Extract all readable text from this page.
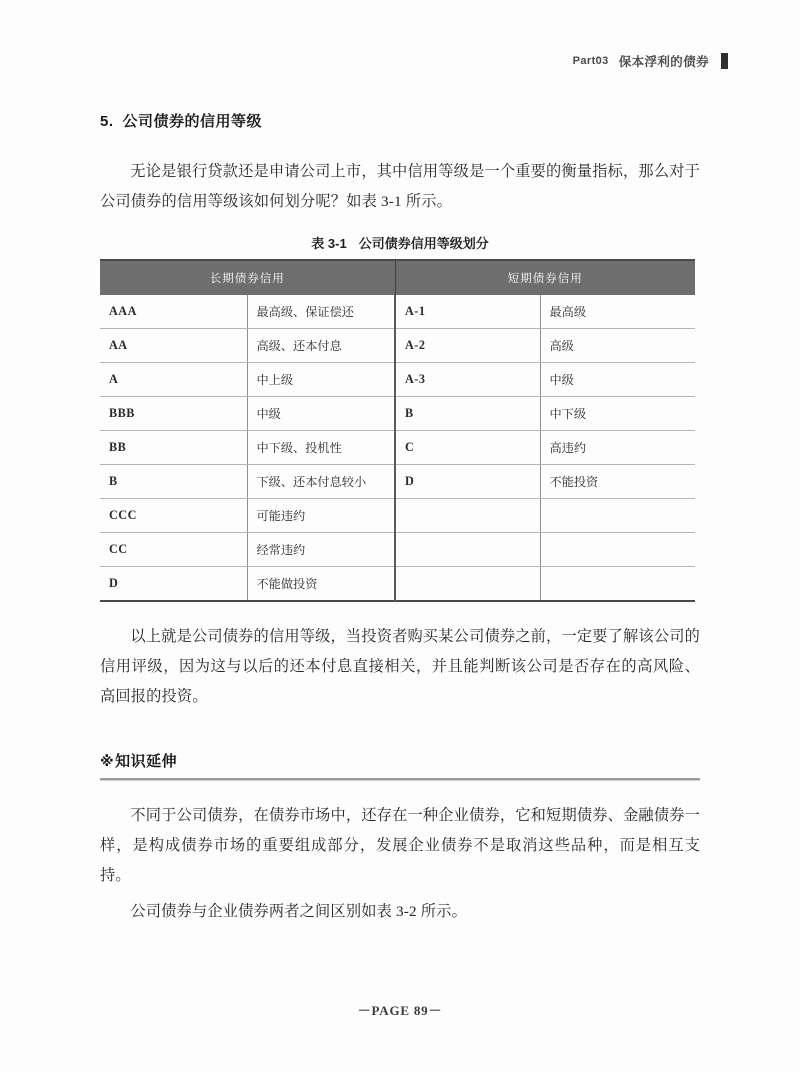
Part03 保本浮利的债券
5. 公司债券的信用等级

无论是银行贷款还是申请公司上市，其中信用等级是一个重要的衡量指标，那么对于公司债券的信用等级该如何划分呢？如表 3-1 所示。

表 3-1 公司债券信用等级划分
长期债券信用		短期债券信用	
AAA	最高级、保证偿还	A-1	最高级
AA	高级、还本付息	A-2	高级
A	中上级	A-3	中级
BBB	中级	B	中下级
BB	中下级、投机性	C	高违约
B	下级、还本付息较小	D	不能投资
CCC	可能违约		
CC	经常违约		
D	不能做投资		

以上就是公司债券的信用等级，当投资者购买某公司债券之前，一定要了解该公司的信用评级，因为这与以后的还本付息直接相关，并且能判断该公司是否存在的高风险、高回报的投资。

※知识延伸

不同于公司债券，在债券市场中，还存在一种企业债券，它和短期债券、金融债券一样，是构成债券市场的重要组成部分，发展企业债券不是取消这些品种，而是相互支持。

公司债券与企业债券两者之间区别如表 3-2 所示。

－PAGE 89－
